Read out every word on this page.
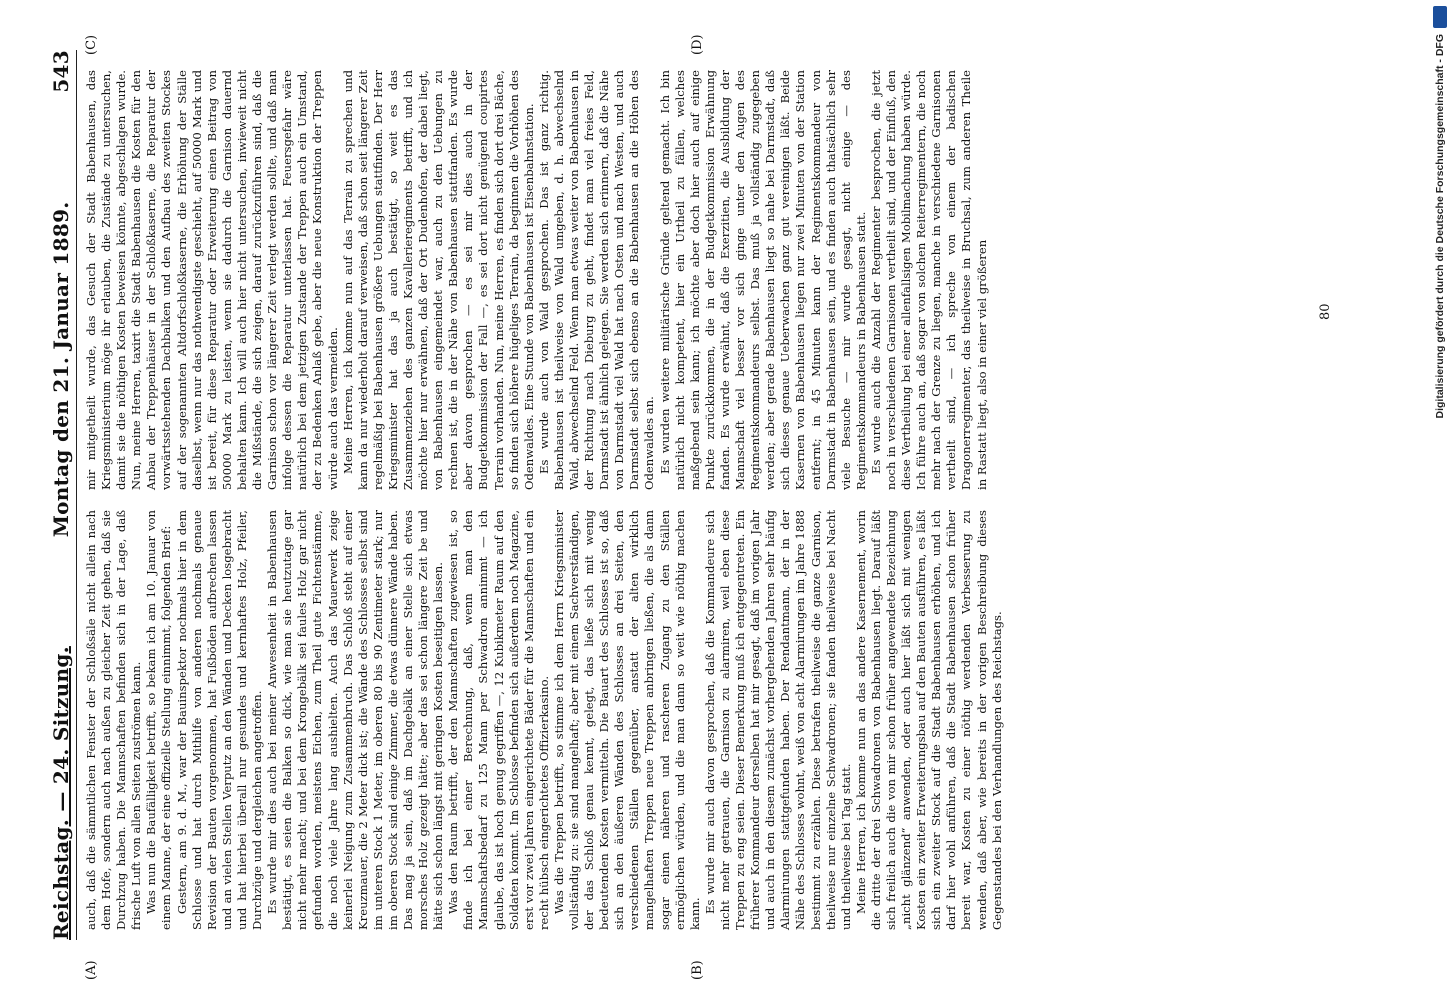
Reichstag. — 24. Sitzung.
Montag den 21. Januar 1889.
543
(A)	(B)
(C)	(D)

auch, daß die sämmtlichen Fenster der Schloßsäle nicht allein nach dem Hofe, sondern auch nach außen zu gleicher Zeit gehen, daß sie Durchzug haben. Die Mannschaften befinden sich in der Lage, daß frische Luft von allen Seiten zuströmen kann. Was nun die Baufälligkeit betrifft, so bekam ich am 10. Januar von einem Manne, der eine offizielle Stellung einnimmt, folgenden Brief: Gestern, am 9. d. M., war der Bauinspektor nochmals hier in dem Schlosse und hat durch Mithilfe von anderen nochmals genaue Revision der Bauten vorgenommen, hat Fußböden aufbrechen lassen und an vielen Stellen Verputz an den Wänden und Decken losgebracht und hat hierbei überall nur gesundes und kernhaftes Holz, Pfeiler, Durchzüge und dergleichen angetroffen. Es wurde mir dies auch bei meiner Anwesenheit in Babenhausen bestätigt, es seien die Balken so dick, wie man sie heutzutage gar nicht mehr macht; und bei dem Krongebälk sei faules Holz gar nicht gefunden worden, meistens Eichen, zum Theil gute Fichtenstämme, die noch viele Jahre lang aushielten. Auch das Mauerwerk zeige keinerlei Neigung zum Zusammenbruch. Das Schloß steht auf einer Kreuzmauer, die 2 Meter dick ist; die Wände des Schlosses selbst sind im unteren Stock 1 Meter, im oberen 80 bis 90 Zentimeter stark; nur im oberen Stock sind einige Zimmer, die etwas dünnere Wände haben. Das mag ja sein, daß im Dachgebälk an einer Stelle sich etwas morsches Holz gezeigt hätte; aber das sei schon längere Zeit be und hätte sich schon längst mit geringen Kosten beseitigen lassen. Was den Raum betrifft, der den Mannschaften zugewiesen ist, so finde ich bei einer Berechnung, daß, wenn man den Mannschaftsbedarf zu 125 Mann per Schwadron annimmt — ich glaube, das ist hoch genug gegriffen —, 12 Kubikmeter Raum auf den Soldaten kommt. Im Schlosse befinden sich außerdem noch Magazine, erst vor zwei Jahren eingerichtete Bäder für die Mannschaften und ein recht hübsch eingerichtetes Offizierkasino. Was die Treppen betrifft, so stimme ich dem Herrn Kriegsminister vollständig zu: sie sind mangelhaft; aber mit einem Sachverständigen, der das Schloß genau kennt, gelegt, das ließe sich mit wenig bedeutenden Kosten vermitteln. Die Bauart des Schlosses ist so, daß sich an den äußeren Wänden des Schlosses an drei Seiten, den verschiedenen Ställen gegenüber, anstatt der alten wirklich mangelhaften Treppen neue Treppen anbringen ließen, die als dann sogar einen näheren und rascheren Zugang zu den Ställen ermöglichen würden, und die man dann so weit wie nöthig machen kann. Es wurde mir auch davon gesprochen, daß die Kommandeure sich nicht mehr getrauen, die Garnison zu alarmiren, weil eben diese Treppen zu eng seien. Dieser Bemerkung muß ich entgegentreten. Ein früherer Kommandeur derselben hat mir gesagt, daß im vorigen Jahr und auch in den diesem zunächst vorhergehenden Jahren sehr häufig Alarmirungen stattgefunden haben. Der Rendantmann, der in der Nähe des Schlosses wohnt, weiß von acht Alarmirungen im Jahre 1888 bestimmt zu erzählen. Diese betrafen theilweise die ganze Garnison, theilweise nur einzelne Schwadronen; sie fanden theilweise bei Nacht und theilweise bei Tag statt. Meine Herren, ich komme nun an das andere Kasernement, worin die dritte der drei Schwadronen von Babenhausen liegt. Darauf läßt sich freilich auch die von mir schon früher angewendete Bezeichnung „nicht glänzend“ anwenden, oder auch hier läßt sich mit wenigen Kosten ein zweiter Erweiterungsbau auf den Bauten ausführen, es läßt sich ein zweiter Stock auf die Stadt Babenhausen erhöhen, und ich darf hier wohl anführen, daß die Stadt Babenhausen schon früher bereit war, Kosten zu einer nöthig werdenden Verbesserung zu wenden, daß aber, wie bereits in der vorigen Beschreibung dieses Gegenstandes bei den Verhandlungen des Reichstags.

mir mitgetheilt wurde, das Gesuch der Stadt Babenhausen, das Kriegsministerium möge ihr erlauben, die Zustände zu untersuchen, damit sie die nöthigen Kosten beweisen könnte, abgeschlagen wurde. Nun, meine Herren, taxirt die Stadt Babenhausen die Kosten für den Anbau der Treppenhäuser in der Schloßkaserne, die Reparatur der vorwärtsstehenden Dachbalken und den Aufbau des zweiten Stockes auf der sogenannten Altdorfschloßkaserne, die Erhöhung der Ställe daselbst, wenn nur das nothwendigste geschieht, auf 50000 Mark und ist bereit, für diese Reparatur oder Erweiterung einen Beitrag von 50000 Mark zu leisten, wenn sie dadurch die Garnison dauernd behalten kann. Ich will auch hier nicht untersuchen, inwieweit nicht die Mißstände, die sich zeigen, darauf zurückzuführen sind, daß die Garnison schon vor längerer Zeit verlegt werden sollte, und daß man infolge dessen die Reparatur unterlassen hat. Feuersgefahr wäre natürlich bei dem jetzigen Zustande der Treppen auch ein Umstand, der zu Bedenken Anlaß gebe, aber die neue Konstruktion der Treppen würde auch das vermeiden. Meine Herren, ich komme nun auf das Terrain zu sprechen und kann da nur wiederholt darauf verweisen, daß schon seit längerer Zeit regelmäßig bei Babenhausen größere Uebungen stattfinden. Der Herr Kriegsminister hat das ja auch bestätigt, so weit es das Zusammenziehen des ganzen Kavallerieregiments betrifft, und ich möchte hier nur erwähnen, daß der Ort Dudenhofen, der dabei liegt, von Babenhausen eingemeindet war, auch zu den Uebungen zu rechnen ist, die in der Nähe von Babenhausen stattfanden. Es wurde aber davon gesprochen — es sei mir dies auch in der Budgetkommission der Fall —, es sei dort nicht genügend coupirtes Terrain vorhanden. Nun, meine Herren, es finden sich dort drei Bäche, so finden sich höhere hügeliges Terrain, da beginnen die Vorhöhen des Odenwaldes. Eine Stunde von Babenhausen ist Eisenbahnstation. Es wurde auch von Wald gesprochen. Das ist ganz richtig. Babenhausen ist theilweise von Wald umgeben, d. h. abwechselnd Wald, abwechselnd Feld. Wenn man etwas weiter von Babenhausen in der Richtung nach Dieburg zu geht, findet man viel freies Feld, Darmstadt ist ähnlich gelegen. Sie werden sich erinnern, daß die Nähe von Darmstadt viel Wald hat nach Osten und nach Westen, und auch Darmstadt selbst sich ebenso an die Babenhausen an die Höhen des Odenwaldes an. Es wurden weitere militärische Gründe geltend gemacht. Ich bin natürlich nicht kompetent, hier ein Urtheil zu fällen, welches maßgebend sein kann; ich möchte aber doch hier auch auf einige Punkte zurückkommen, die in der Budgetkommission Erwähnung fanden. Es wurde erwähnt, daß die Exerzitien, die Ausbildung der Mannschaft viel besser vor sich ginge unter den Augen des Regimentskommandeurs selbst. Das muß ja vollständig zugegeben werden; aber gerade Babenhausen liegt so nahe bei Darmstadt, daß sich dieses genaue Ueberwachen ganz gut vereinigen läßt. Beide Kasernen von Babenhausen liegen nur zwei Minuten von der Station entfernt; in 45 Minuten kann der Regimentskommandeur von Darmstadt in Babenhausen sein, und es finden auch thatsächlich sehr viele Besuche — mir wurde gesagt, nicht einige — des Regimentskommandeurs in Babenhausen statt. Es wurde auch die Anzahl der Regimenter besprochen, die jetzt noch in verschiedenen Garnisonen vertheilt sind, und der Einfluß, den diese Vertheilung bei einer allenfallsigen Mobilmachung haben würde. Ich führe auch an, daß sogar von solchen Reiterregimentern, die noch mehr nach der Grenze zu liegen, manche in verschiedene Garnisonen vertheilt sind, — ich spreche von einem der badischen Dragonerregimenter, das theilweise in Bruchsal, zum anderen Theile in Rastatt liegt, also in einer viel größeren	80	Digitalisierung gefördert durch die Deutsche Forschungsgemeinschaft - DFG
